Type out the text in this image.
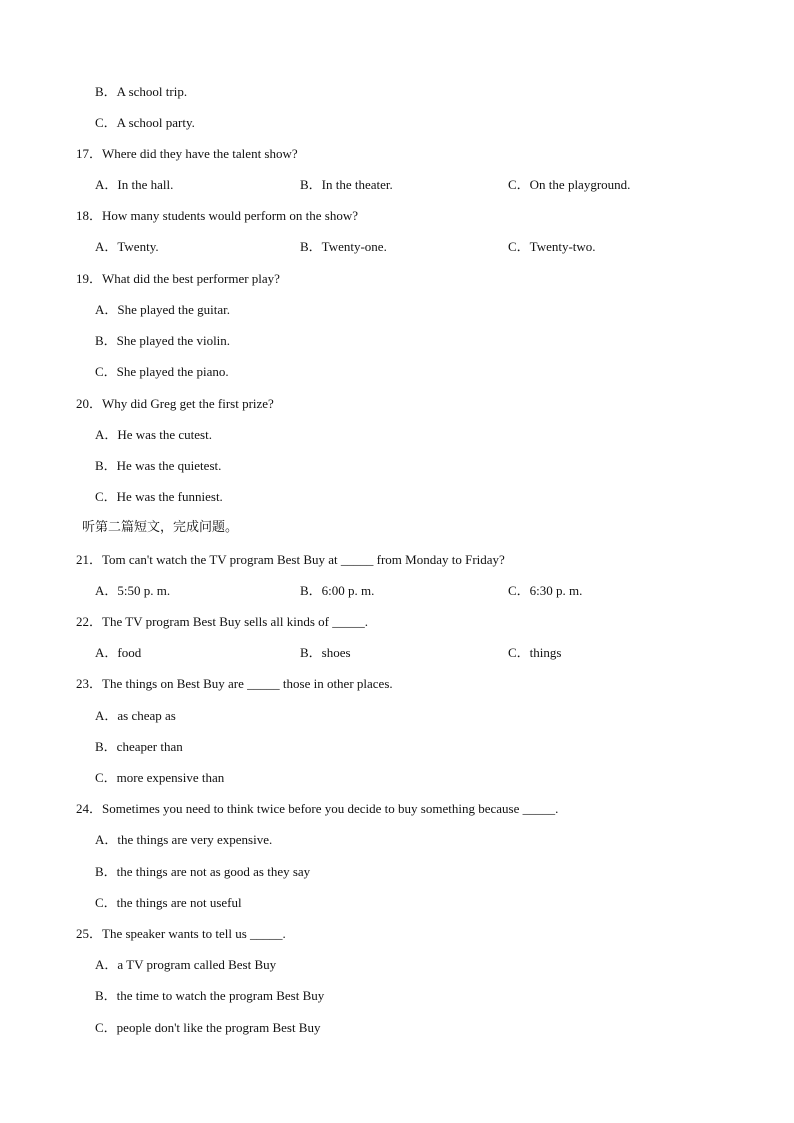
B．A school trip.
C．A school party.
17．Where did they have the talent show?
A．In the hall.	B．In the theater.	C．On the playground.
18．How many students would perform on the show?
A．Twenty.	B．Twenty-one.	C．Twenty-two.
19．What did the best performer play?
A．She played the guitar.
B．She played the violin.
C．She played the piano.
20．Why did Greg get the first prize?
A．He was the cutest.
B．He was the quietest.
C．He was the funniest.
听第二篇短文，完成问题。
21．Tom can't watch the TV program Best Buy at _____ from Monday to Friday?
A．5:50 p. m.	B．6:00 p. m.	C．6:30 p. m.
22．The TV program Best Buy sells all kinds of _____.
A．food	B．shoes	C．things
23．The things on Best Buy are _____ those in other places.
A．as cheap as
B．cheaper than
C．more expensive than
24．Sometimes you need to think twice before you decide to buy something because _____.
A．the things are very expensive.
B．the things are not as good as they say
C．the things are not useful
25．The speaker wants to tell us _____.
A．a TV program called Best Buy
B．the time to watch the program Best Buy
C．people don't like the program Best Buy
